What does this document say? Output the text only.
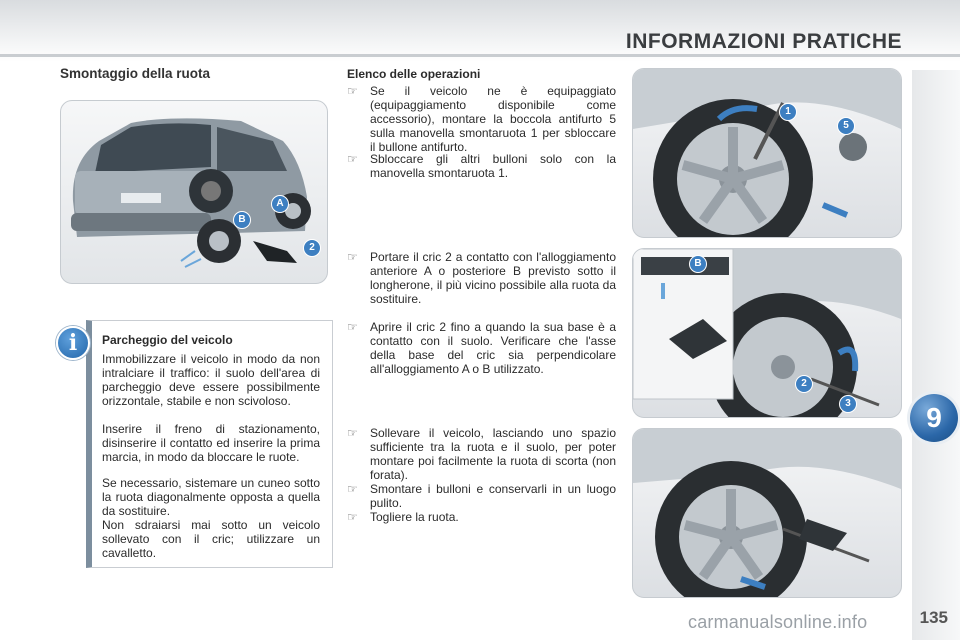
INFORMAZIONI PRATICHE
9
Smontaggio della ruota
B
A
2
i	Parcheggio del veicolo
Immobilizzare il veicolo in modo da non intralciare il traffico: il suolo dell'area di parcheggio deve essere possibilmente orizzontale, stabile e non scivoloso.
Inserire il freno di stazionamento, disinserire il contatto ed inserire la prima marcia, in modo da bloccare le ruote.
Se necessario, sistemare un cuneo sotto la ruota diagonalmente opposta a quella da sostituire.
Non sdraiarsi mai sotto un veicolo sollevato con il cric; utilizzare un cavalletto.
Elenco delle operazioni
☞ Se il veicolo ne è equipaggiato (equipaggiamento disponibile come accessorio), montare la boccola antifurto 5 sulla manovella smontaruota 1 per sbloccare il bullone antifurto.
☞ Sbloccare gli altri bulloni solo con la manovella smontaruota 1.
☞ Portare il cric 2 a contatto con l'alloggiamento anteriore A o posteriore B previsto sotto il longherone, il più vicino possibile alla ruota da sostituire.
☞ Aprire il cric 2 fino a quando la sua base è a contatto con il suolo. Verificare che l'asse della base del cric sia perpendicolare all'alloggiamento A o B utilizzato.
☞ Sollevare il veicolo, lasciando uno spazio sufficiente tra la ruota e il suolo, per poter montare poi facilmente la ruota di scorta (non forata).
☞ Smontare i bulloni e conservarli in un luogo pulito.
☞ Togliere la ruota.
1
5
B
2
3
carmanualsonline.info	135
